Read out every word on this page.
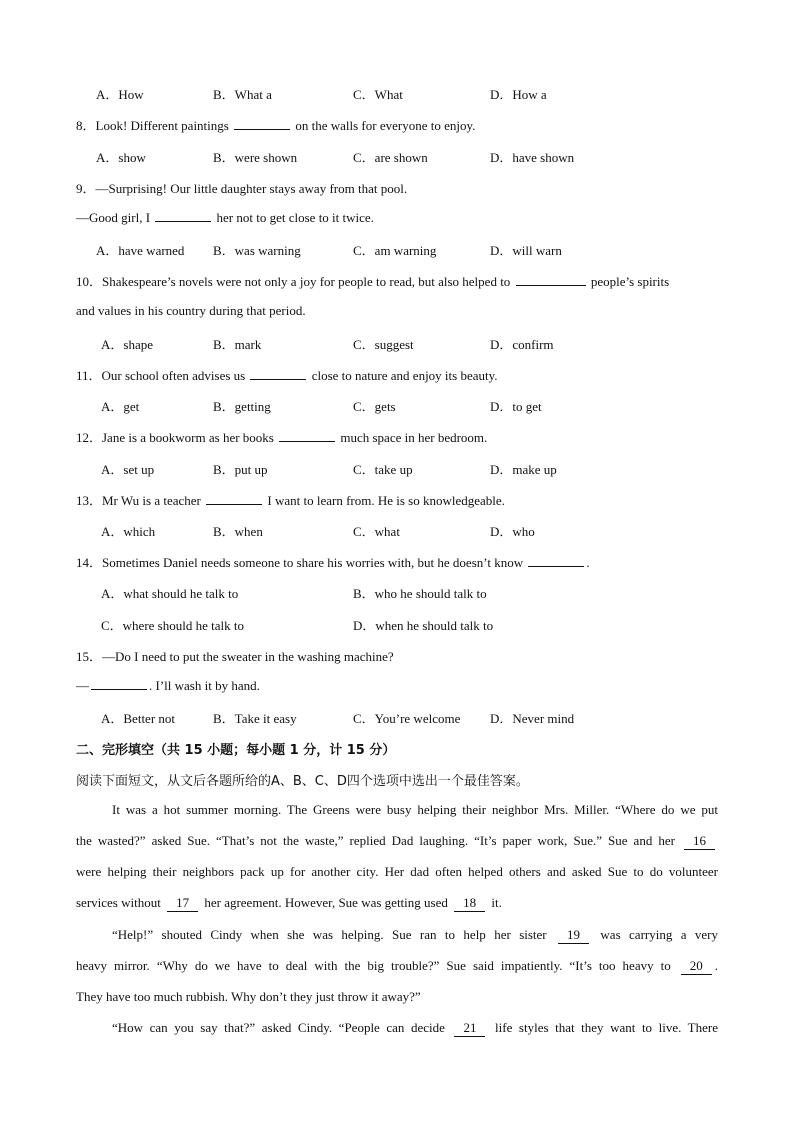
A．How	B．What a	C．What	D．How a
8．Look! Different paintings	on the walls for everyone to enjoy.
A．show	B．were shown	C．are shown	D．have shown
9．—Surprising! Our little daughter stays away from that pool.
—Good girl, I	her not to get close to it twice.
A．have warned B．was warning	C．am warning	D．will warn
10．Shakespeare’s novels were not only a joy for people to read, but also helped to	people’s spirits
and values in his country during that period.
A．shape	B．mark	C．suggest	D．confirm
11．Our school often advises us	close to nature and enjoy its beauty.
A．get	B．getting	C．gets	D．to get
12．Jane is a bookworm as her books	much space in her bedroom.
A．set up	B．put up	C．take up	D．make up
13．Mr Wu is a teacher	I want to learn from. He is so knowledgeable.
A．which	B．when	C．what	D．who
14．Sometimes Daniel needs someone to share his worries with, but he doesn’t know	.
A．what should he talk to	B．who he should talk to
C．where should he talk to	D．when he should talk to
15．—Do I need to put the sweater in the washing machine?
—	. I’ll wash it by hand.
A．Better not	B．Take it easy	C．You’re welcome D．Never mind
二、完形填空（共 15 小题；每小题 1 分，计 15 分）
阅读下面短文，从文后各题所给的A、B、C、D四个选项中选出一个最佳答案。
It was a hot summer morning. The Greens were busy helping their neighbor Mrs. Miller. “Where do we put
the wasted?” asked Sue. “That’s not the waste,” replied Dad laughing. “It’s paper work, Sue.” Sue and her 16
were helping their neighbors pack up for another city. Her dad often helped others and asked Sue to do volunteer
services without 17 her agreement. However, Sue was getting used 18 it.
“Help!” shouted Cindy when she was helping. Sue ran to help her sister 19 was carrying a very
heavy mirror. “Why do we have to deal with the big trouble?” Sue said impatiently. “It’s too heavy to 20 .
They have too much rubbish. Why don’t they just throw it away?”
“How can you say that?” asked Cindy. “People can decide 21 life styles that they want to live. There
